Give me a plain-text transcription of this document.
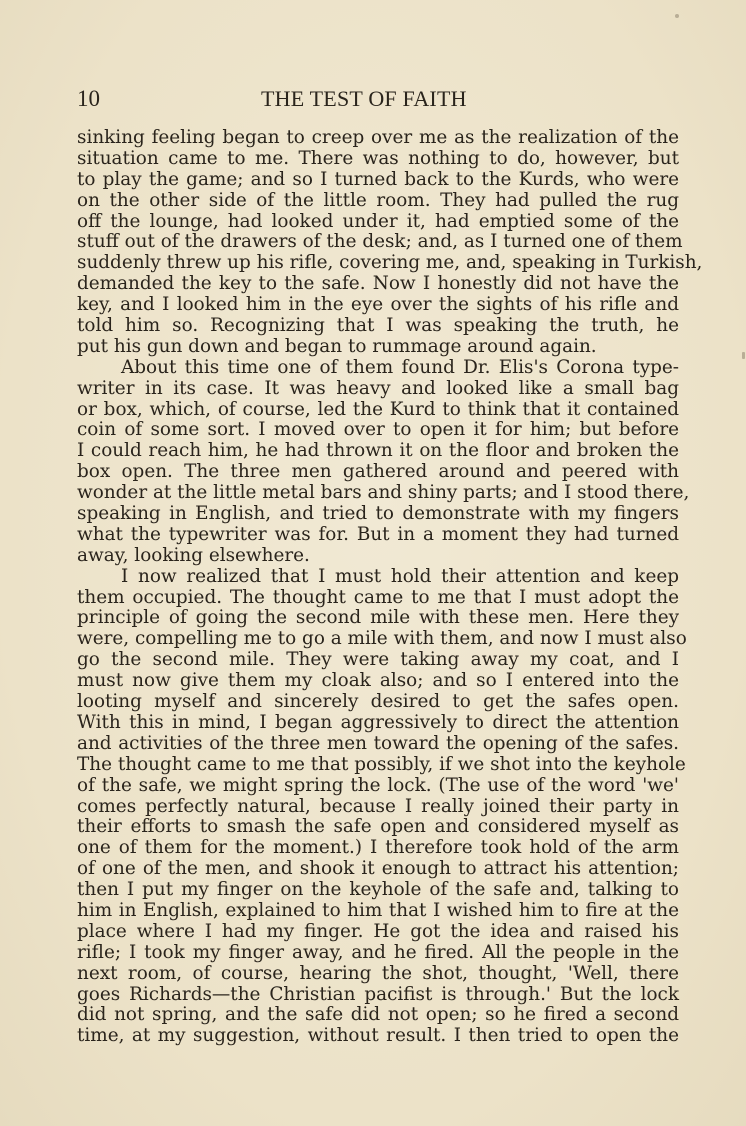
10	THE TEST OF FAITH
sinking feeling began to creep over me as the realization of the
situation came to me. There was nothing to do, however, but
to play the game; and so I turned back to the Kurds, who were
on the other side of the little room. They had pulled the rug
off the lounge, had looked under it, had emptied some of the
stuff out of the drawers of the desk; and, as I turned one of them
suddenly threw up his rifle, covering me, and, speaking in Turkish,
demanded the key to the safe. Now I honestly did not have the
key, and I looked him in the eye over the sights of his rifle and
told him so. Recognizing that I was speaking the truth, he
put his gun down and began to rummage around again.
About this time one of them found Dr. Elis's Corona type-
writer in its case. It was heavy and looked like a small bag
or box, which, of course, led the Kurd to think that it contained
coin of some sort. I moved over to open it for him; but before
I could reach him, he had thrown it on the floor and broken the
box open. The three men gathered around and peered with
wonder at the little metal bars and shiny parts; and I stood there,
speaking in English, and tried to demonstrate with my fingers
what the typewriter was for. But in a moment they had turned
away, looking elsewhere.
I now realized that I must hold their attention and keep
them occupied. The thought came to me that I must adopt the
principle of going the second mile with these men. Here they
were, compelling me to go a mile with them, and now I must also
go the second mile. They were taking away my coat, and I
must now give them my cloak also; and so I entered into the
looting myself and sincerely desired to get the safes open.
With this in mind, I began aggressively to direct the attention
and activities of the three men toward the opening of the safes.
The thought came to me that possibly, if we shot into the keyhole
of the safe, we might spring the lock. (The use of the word 'we'
comes perfectly natural, because I really joined their party in
their efforts to smash the safe open and considered myself as
one of them for the moment.) I therefore took hold of the arm
of one of the men, and shook it enough to attract his attention;
then I put my finger on the keyhole of the safe and, talking to
him in English, explained to him that I wished him to fire at the
place where I had my finger. He got the idea and raised his
rifle; I took my finger away, and he fired. All the people in the
next room, of course, hearing the shot, thought, 'Well, there
goes Richards—the Christian pacifist is through.' But the lock
did not spring, and the safe did not open; so he fired a second
time, at my suggestion, without result. I then tried to open the
